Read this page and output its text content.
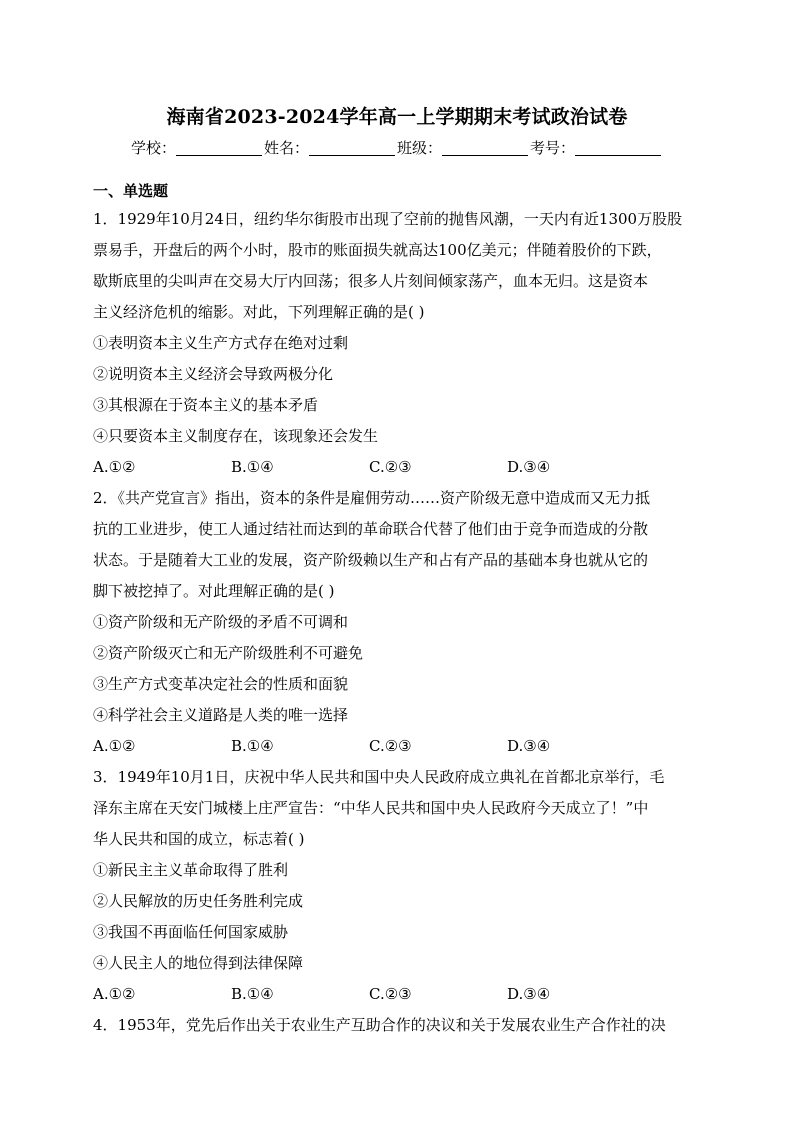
海南省2023-2024学年高一上学期期末考试政治试卷
学校：	姓名：	班级：	考号：
一、单选题
1．1929年10月24日，纽约华尔街股市出现了空前的抛售风潮，一天内有近1300万股股
票易手，开盘后的两个小时，股市的账面损失就高达100亿美元；伴随着股价的下跌，
歇斯底里的尖叫声在交易大厅内回荡；很多人片刻间倾家荡产，血本无归。这是资本
主义经济危机的缩影。对此，下列理解正确的是( )
①表明资本主义生产方式存在绝对过剩
②说明资本主义经济会导致两极分化
③其根源在于资本主义的基本矛盾
④只要资本主义制度存在，该现象还会发生
A.①②	B.①④	C.②③	D.③④
2．《共产党宣言》指出，资本的条件是雇佣劳动……资产阶级无意中造成而又无力抵
抗的工业进步，使工人通过结社而达到的革命联合代替了他们由于竞争而造成的分散
状态。于是随着大工业的发展，资产阶级赖以生产和占有产品的基础本身也就从它的
脚下被挖掉了。对此理解正确的是( )
①资产阶级和无产阶级的矛盾不可调和
②资产阶级灭亡和无产阶级胜利不可避免
③生产方式变革决定社会的性质和面貌
④科学社会主义道路是人类的唯一选择
A.①②	B.①④	C.②③	D.③④
3．1949年10月1日，庆祝中华人民共和国中央人民政府成立典礼在首都北京举行，毛
泽东主席在天安门城楼上庄严宣告：“中华人民共和国中央人民政府今天成立了！”中
华人民共和国的成立，标志着( )
①新民主主义革命取得了胜利
②人民解放的历史任务胜利完成
③我国不再面临任何国家威胁
④人民主人的地位得到法律保障
A.①②	B.①④	C.②③	D.③④
4．1953年，党先后作出关于农业生产互助合作的决议和关于发展农业生产合作社的决
